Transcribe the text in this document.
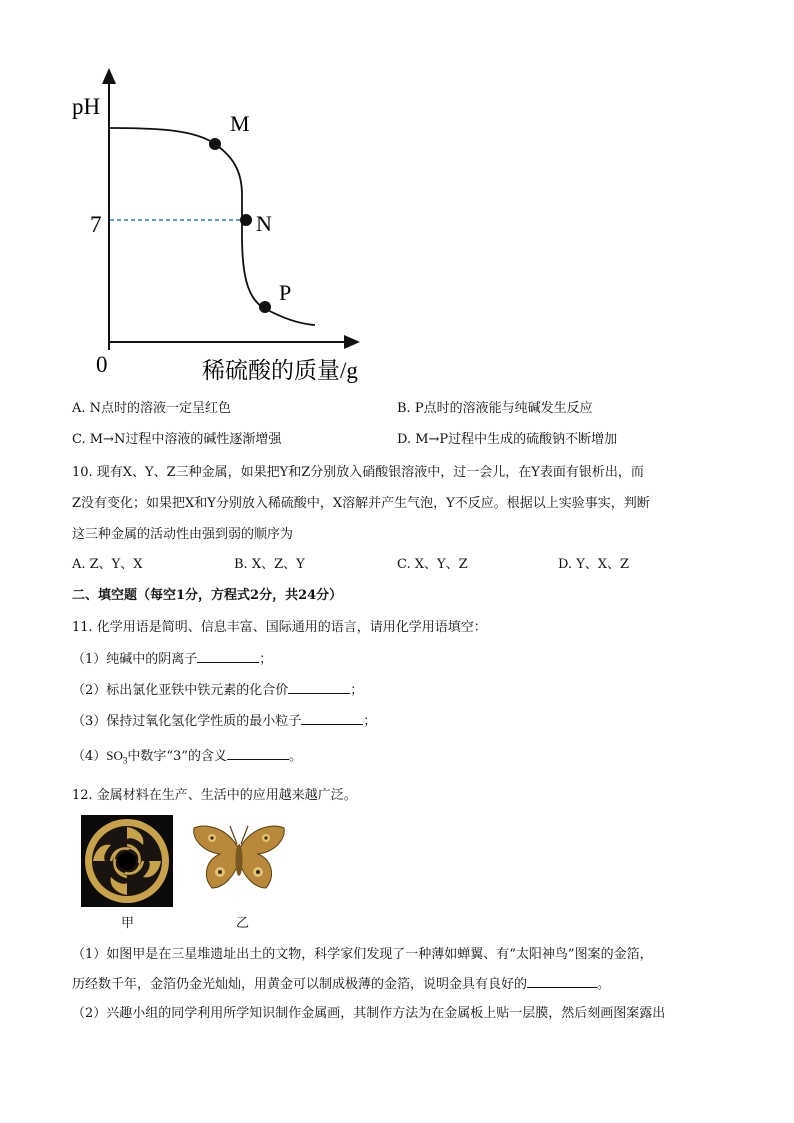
pH
0	稀硫酸的质量/g
7
M
N
P
A. N点时的溶液一定呈红色	B. P点时的溶液能与纯碱发生反应
C. M→N过程中溶液的碱性逐渐增强	D. M→P过程中生成的硫酸钠不断增加
10. 现有X、Y、Z三种金属，如果把Y和Z分别放入硝酸银溶液中，过一会儿，在Y表面有银析出，而
Z没有变化；如果把X和Y分别放入稀硫酸中，X溶解并产生气泡，Y不反应。根据以上实验事实，判断
这三种金属的活动性由强到弱的顺序为
A. Z、Y、X	B. X、Z、Y	C. X、Y、Z	D. Y、X、Z
二、填空题（每空1分，方程式2分，共24分）
11. 化学用语是简明、信息丰富、国际通用的语言，请用化学用语填空：
（1）纯碱中的阴离子	；
（2）标出氯化亚铁中铁元素的化合价	；
（3）保持过氧化氢化学性质的最小粒子	；
$(4)SO_3$中数字“3”的含义	。
12. 金属材料在生产、生活中的应用越来越广泛。
甲	乙
（1）如图甲是在三星堆遗址出土的文物，科学家们发现了一种薄如蝉翼、有“太阳神鸟”图案的金箔，
历经数千年，金箔仍金光灿灿，用黄金可以制成极薄的金箔，说明金具有良好的	。
（2）兴趣小组的同学利用所学知识制作金属画，其制作方法为在金属板上贴一层膜，然后刻画图案露出
